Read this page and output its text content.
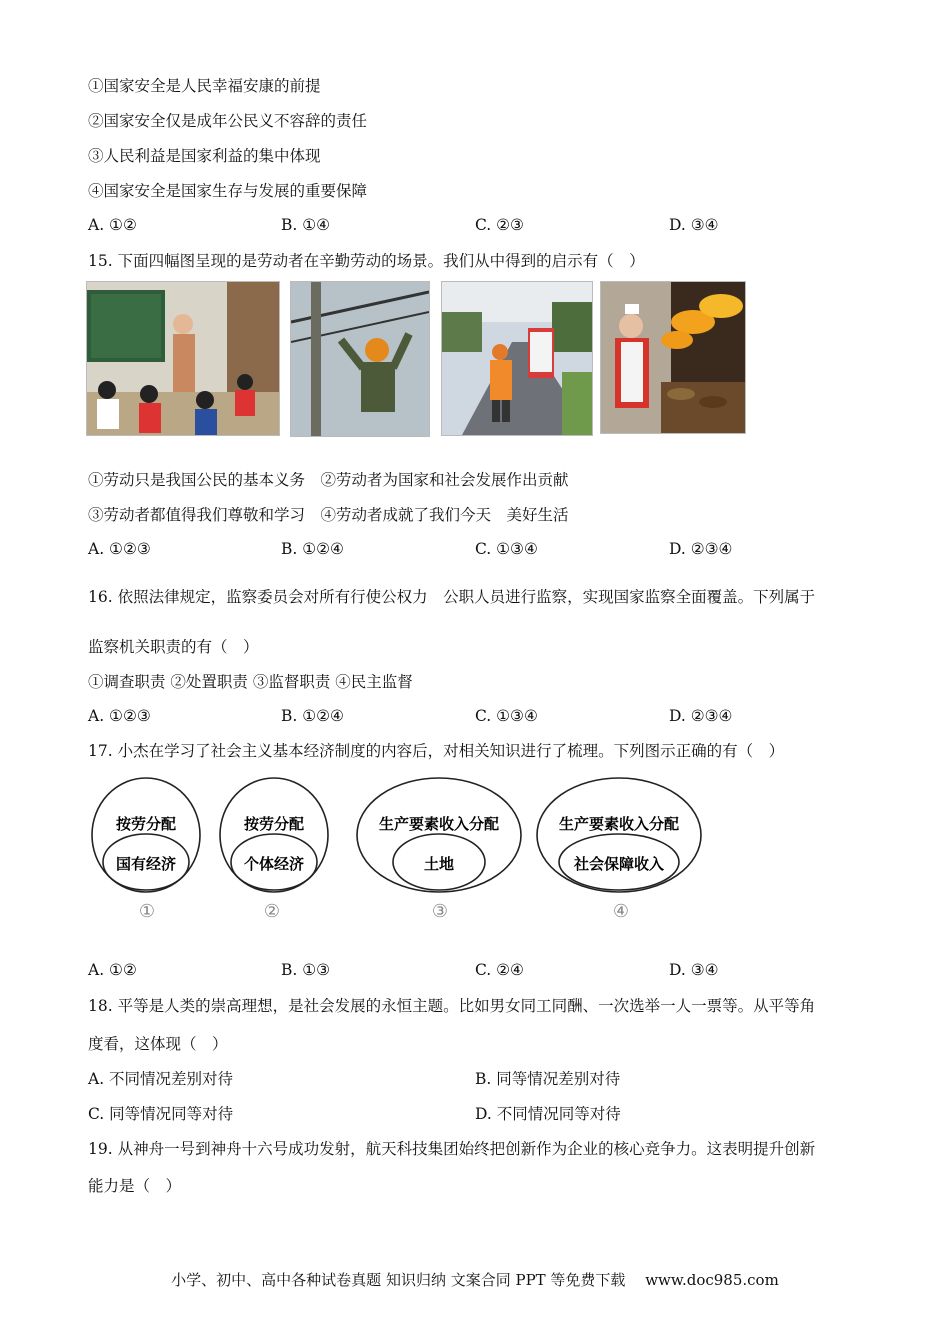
①国家安全是人民幸福安康的前提
②国家安全仅是成年公民义不容辞的责任
③人民利益是国家利益的集中体现
④国家安全是国家生存与发展的重要保障
A. ①②	B. ①④	C. ②③	D. ③④
15. 下面四幅图呈现的是劳动者在辛勤劳动的场景。我们从中得到的启示有（　）
①劳动只是我国公民的基本义务　②劳动者为国家和社会发展作出贡献
③劳动者都值得我们尊敬和学习　④劳动者成就了我们今天　美好生活
A. ①②③	B. ①②④	C. ①③④	D. ②③④
16. 依照法律规定，监察委员会对所有行使公权力　公职人员进行监察，实现国家监察全面覆盖。下列属于
监察机关职责的有（　）
①调查职责 ②处置职责 ③监督职责 ④民主监督
A. ①②③	B. ①②④	C. ①③④	D. ②③④
17. 小杰在学习了社会主义基本经济制度的内容后，对相关知识进行了梳理。下列图示正确的有（　）
按劳分配
国有经济
①
按劳分配
个体经济
②
生产要素收入分配
土地
③
生产要素收入分配
社会保障收入
④
A. ①②	B. ①③	C. ②④	D. ③④
18. 平等是人类的崇高理想，是社会发展的永恒主题。比如男女同工同酬、一次选举一人一票等。从平等角
度看，这体现（　）
A. 不同情况差别对待	B. 同等情况差别对待
C. 同等情况同等对待	D. 不同情况同等对待
19. 从神舟一号到神舟十六号成功发射，航天科技集团始终把创新作为企业的核心竞争力。这表明提升创新
能力是（　）
小学、初中、高中各种试卷真题 知识归纳 文案合同 PPT 等免费下载　 www.doc985.com
